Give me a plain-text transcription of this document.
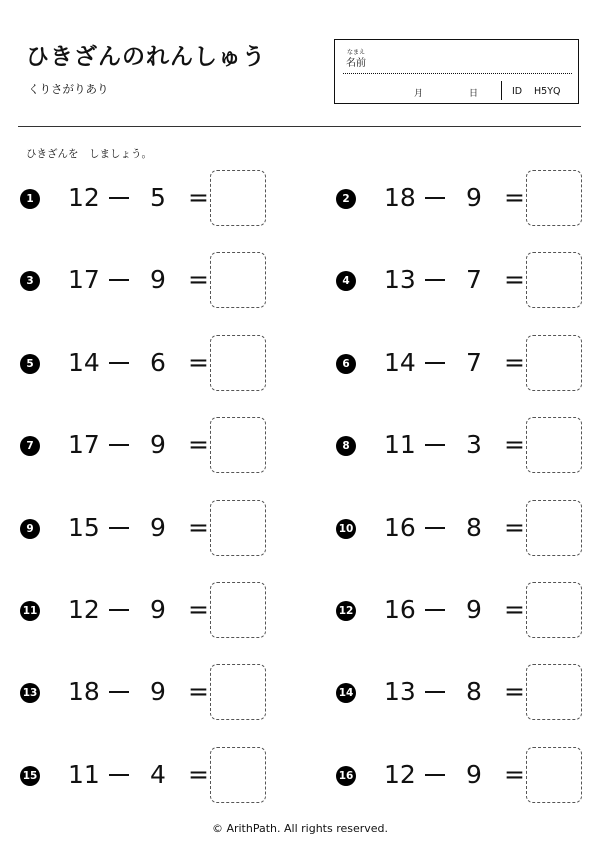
ひきざんのれんしゅう
くりさがりあり
なまえ
名前
月	日	ID H5YQ
ひきざんを　しましょう。
1 12 5 =	2 18 9 =
3 17 9 =	4 13 7 =
5 14 6 =	6 14 7 =
7 17 9 =	8 11 3 =
9 15 9 =	10 16 8 =
11 12 9 =	12 16 9 =
13 18 9 =	14 13 8 =
15 11 4 =	16 12 9 =
© ArithPath. All rights reserved.
